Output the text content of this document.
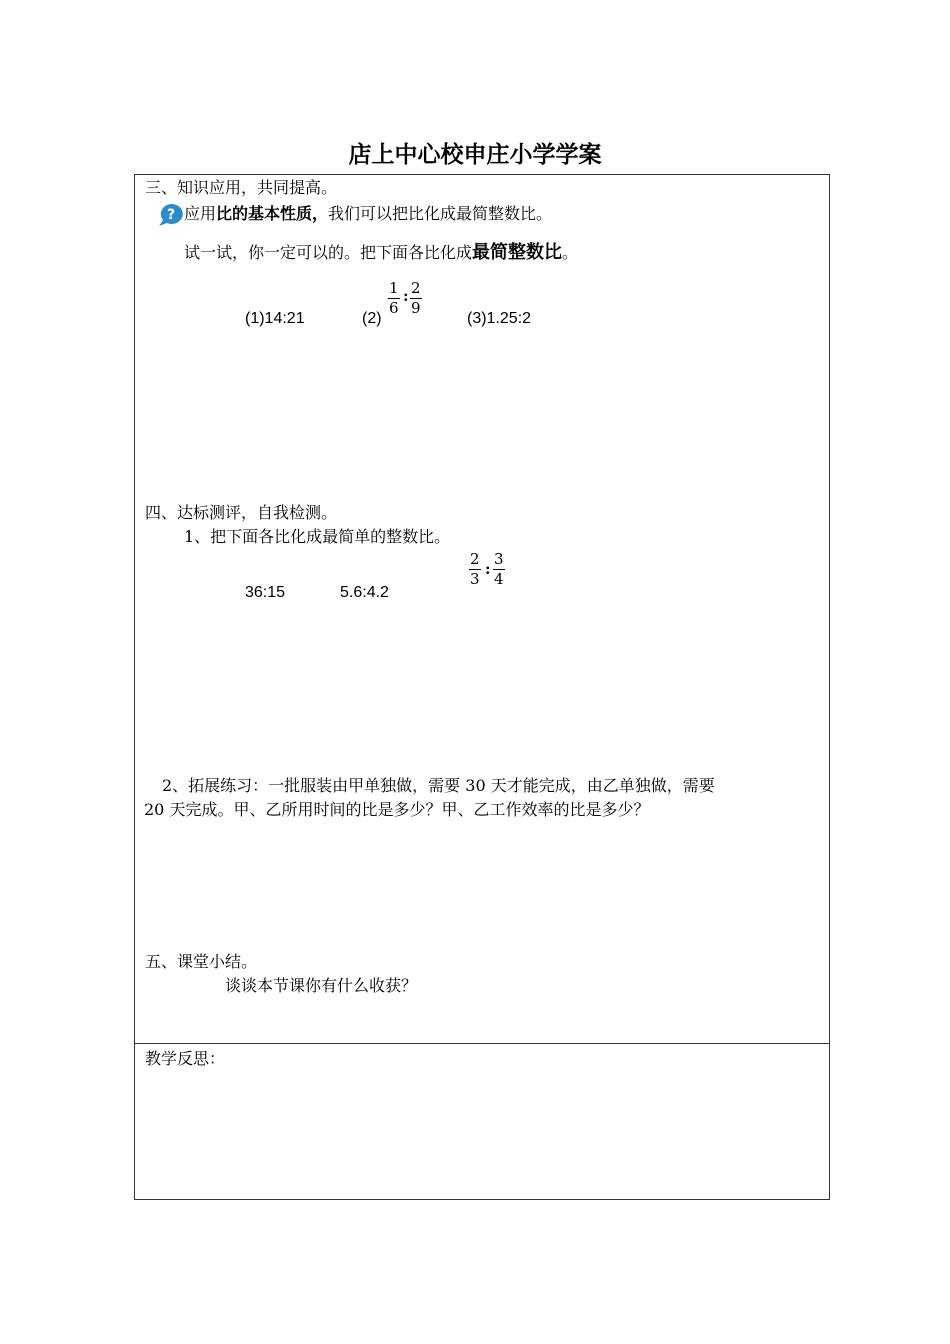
店上中心校申庄小学学案
三、知识应用，共同提高。
? 应用比的基本性质，我们可以把比化成最简整数比。
试一试，你一定可以的。把下面各比化成最简整数比。
(1)14:21	(2)
$\frac{1}{6}$ : $\frac{2}{9}$
(3)1.25:2
四、达标测评，自我检测。
1、把下面各比化成最简单的整数比。
36:15	5.6:4.2
$\frac{2}{3}$ : $\frac{3}{4}$
2、拓展练习：一批服装由甲单独做，需要 30 天才能完成，由乙单独做，需要
20 天完成。甲、乙所用时间的比是多少？甲、乙工作效率的比是多少？
五、课堂小结。
谈谈本节课你有什么收获？
教学反思：
